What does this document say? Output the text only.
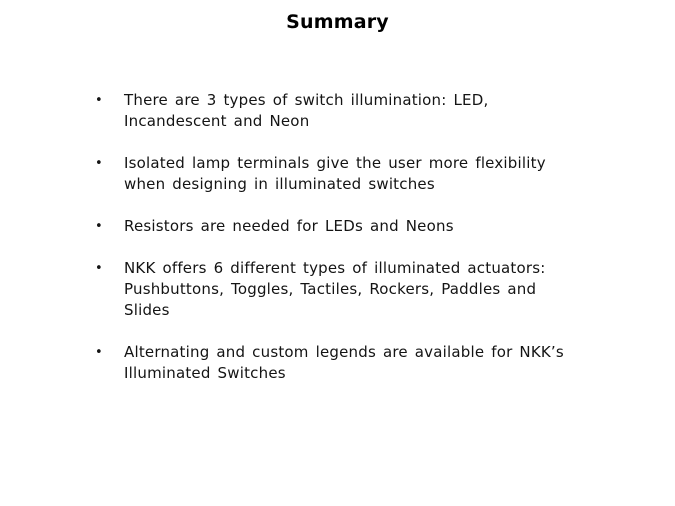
Summary
•	There are 3 types of switch illumination: LED, Incandescent and Neon
•	Isolated lamp terminals give the user more flexibility when designing in illuminated switches
•	Resistors are needed for LEDs and Neons
•	NKK offers 6 different types of illuminated actuators: Pushbuttons, Toggles, Tactiles, Rockers, Paddles and Slides
•	Alternating and custom legends are available for NKK’s Illuminated Switches
